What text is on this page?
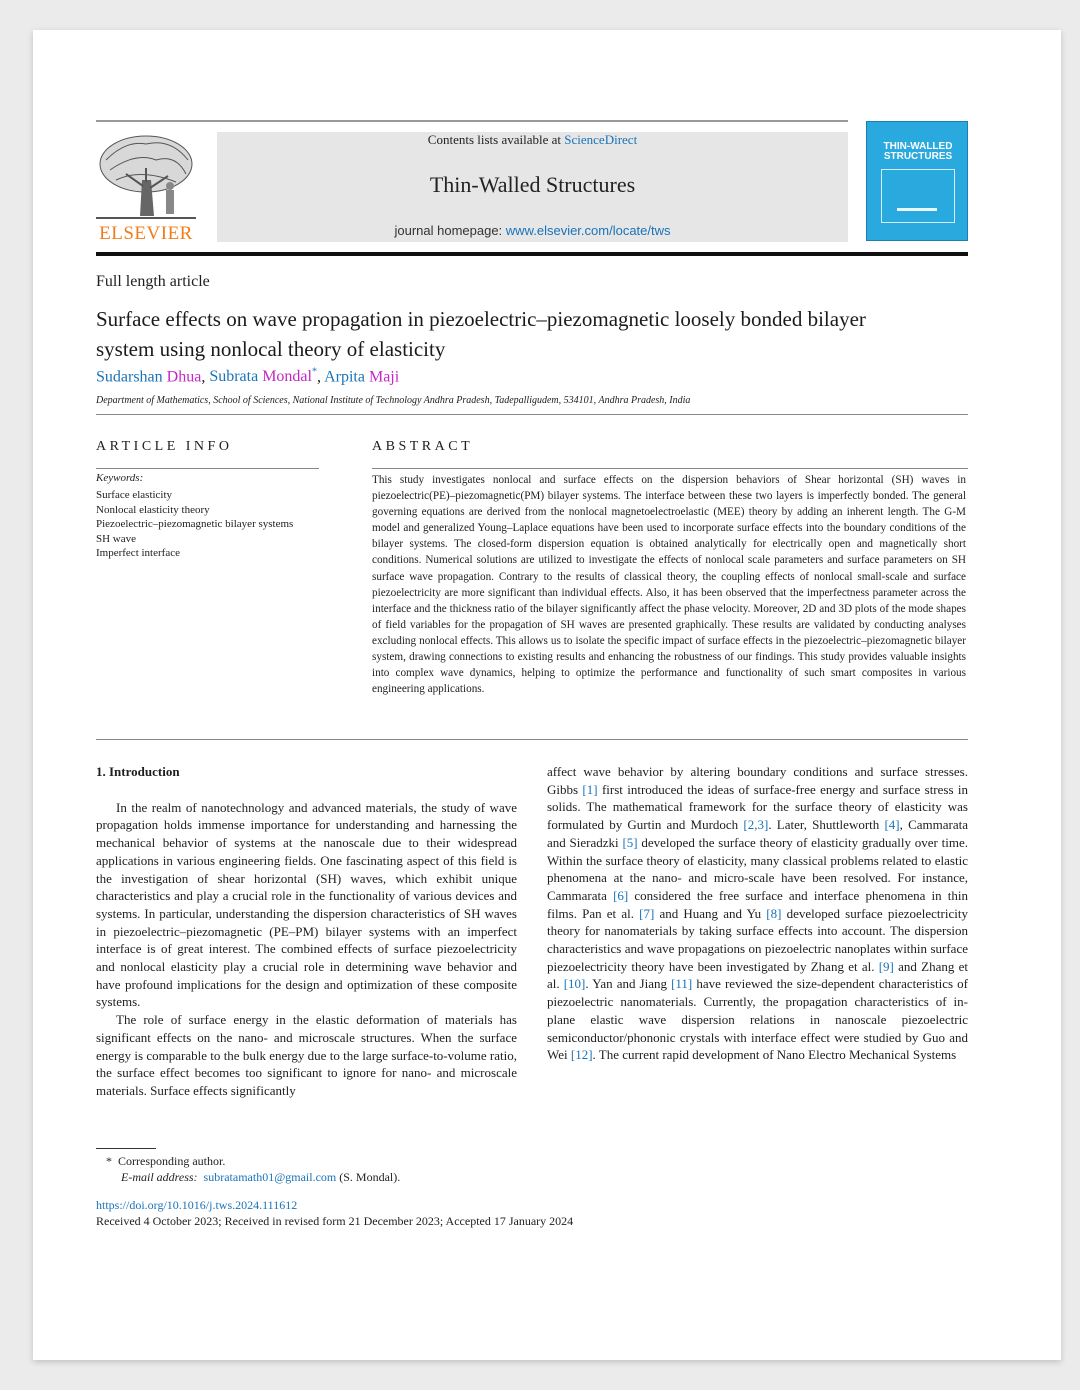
ELSEVIER
Contents lists available at ScienceDirect
Thin-Walled Structures
journal homepage: www.elsevier.com/locate/tws
THIN-WALLED STRUCTURES
Full length article
Surface effects on wave propagation in piezoelectric–piezomagnetic loosely bonded bilayer system using nonlocal theory of elasticity
Sudarshan Dhua, Subrata Mondal*, Arpita Maji
Department of Mathematics, School of Sciences, National Institute of Technology Andhra Pradesh, Tadepalligudem, 534101, Andhra Pradesh, India
ARTICLE INFO
Keywords:
Surface elasticity
Nonlocal elasticity theory
Piezoelectric–piezomagnetic bilayer systems
SH wave
Imperfect interface
ABSTRACT
This study investigates nonlocal and surface effects on the dispersion behaviors of Shear horizontal (SH) waves in piezoelectric(PE)–piezomagnetic(PM) bilayer systems. The interface between these two layers is imperfectly bonded. The general governing equations are derived from the nonlocal magnetoelectroelastic (MEE) theory by adding an inherent length. The G-M model and generalized Young–Laplace equations have been used to incorporate surface effects into the boundary conditions of the bilayer systems. The closed-form dispersion equation is obtained analytically for electrically open and magnetically short conditions. Numerical solutions are utilized to investigate the effects of nonlocal scale parameters and surface parameters on SH surface wave propagation. Contrary to the results of classical theory, the coupling effects of nonlocal small-scale and surface piezoelectricity are more significant than individual effects. Also, it has been observed that the imperfectness parameter across the interface and the thickness ratio of the bilayer significantly affect the phase velocity. Moreover, 2D and 3D plots of the mode shapes of field variables for the propagation of SH waves are presented graphically. These results are validated by conducting analyses excluding nonlocal effects. This allows us to isolate the specific impact of surface effects in the piezoelectric–piezomagnetic bilayer system, drawing connections to existing results and enhancing the robustness of our findings. This study provides valuable insights into complex wave dynamics, helping to optimize the performance and functionality of such smart composites in various engineering applications.
1. Introduction

In the realm of nanotechnology and advanced materials, the study of wave propagation holds immense importance for understanding and harnessing the mechanical behavior of systems at the nanoscale due to their widespread applications in various engineering fields. One fascinating aspect of this field is the investigation of shear horizontal (SH) waves, which exhibit unique characteristics and play a crucial role in the functionality of various devices and systems. In particular, understanding the dispersion characteristics of SH waves in piezoelectric–piezomagnetic (PE–PM) bilayer systems with an imperfect interface is of great interest. The combined effects of surface piezoelectricity and nonlocal elasticity play a crucial role in determining wave behavior and have profound implications for the design and optimization of these composite systems.

The role of surface energy in the elastic deformation of materials has significant effects on the nano- and microscale structures. When the surface energy is comparable to the bulk energy due to the large surface-to-volume ratio, the surface effect becomes too significant to ignore for nano- and microscale materials. Surface effects significantly

affect wave behavior by altering boundary conditions and surface stresses. Gibbs [1] first introduced the ideas of surface-free energy and surface stress in solids. The mathematical framework for the surface theory of elasticity was formulated by Gurtin and Murdoch [2,3]. Later, Shuttleworth [4], Cammarata and Sieradzki [5] developed the surface theory of elasticity gradually over time. Within the surface theory of elasticity, many classical problems related to elastic phenomena at the nano- and micro-scale have been resolved. For instance, Cammarata [6] considered the free surface and interface phenomena in thin films. Pan et al. [7] and Huang and Yu [8] developed surface piezoelectricity theory for nanomaterials by taking surface effects into account. The dispersion characteristics and wave propagations on piezoelectric nanoplates within surface piezoelectricity theory have been investigated by Zhang et al. [9] and Zhang et al. [10]. Yan and Jiang [11] have reviewed the size-dependent characteristics of piezoelectric nanomaterials. Currently, the propagation characteristics of in-plane elastic wave dispersion relations in nanoscale piezoelectric semiconductor/phononic crystals with interface effect were studied by Guo and Wei [12]. The current rapid development of Nano Electro Mechanical Systems

* Corresponding author.
E-mail address: subratamath01@gmail.com (S. Mondal).
https://doi.org/10.1016/j.tws.2024.111612
Received 4 October 2023; Received in revised form 21 December 2023; Accepted 17 January 2024
